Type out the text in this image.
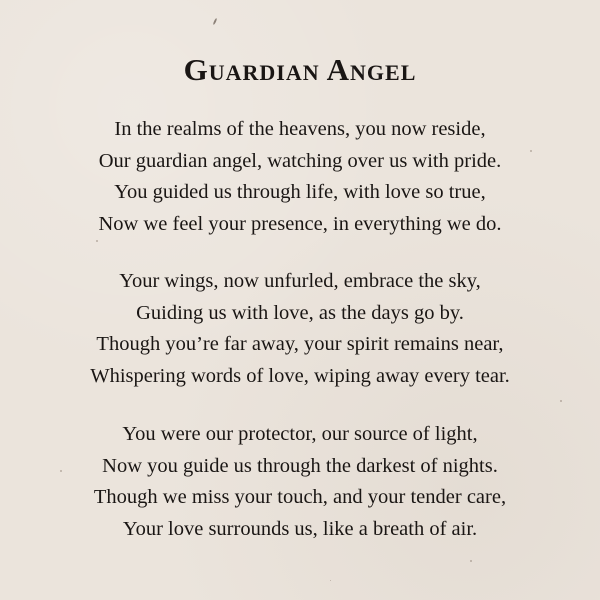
Guardian Angel
In the realms of the heavens, you now reside,
Our guardian angel, watching over us with pride.
You guided us through life, with love so true,
Now we feel your presence, in everything we do.
Your wings, now unfurled, embrace the sky,
Guiding us with love, as the days go by.
Though you’re far away, your spirit remains near,
Whispering words of love, wiping away every tear.
You were our protector, our source of light,
Now you guide us through the darkest of nights.
Though we miss your touch, and your tender care,
Your love surrounds us, like a breath of air.
